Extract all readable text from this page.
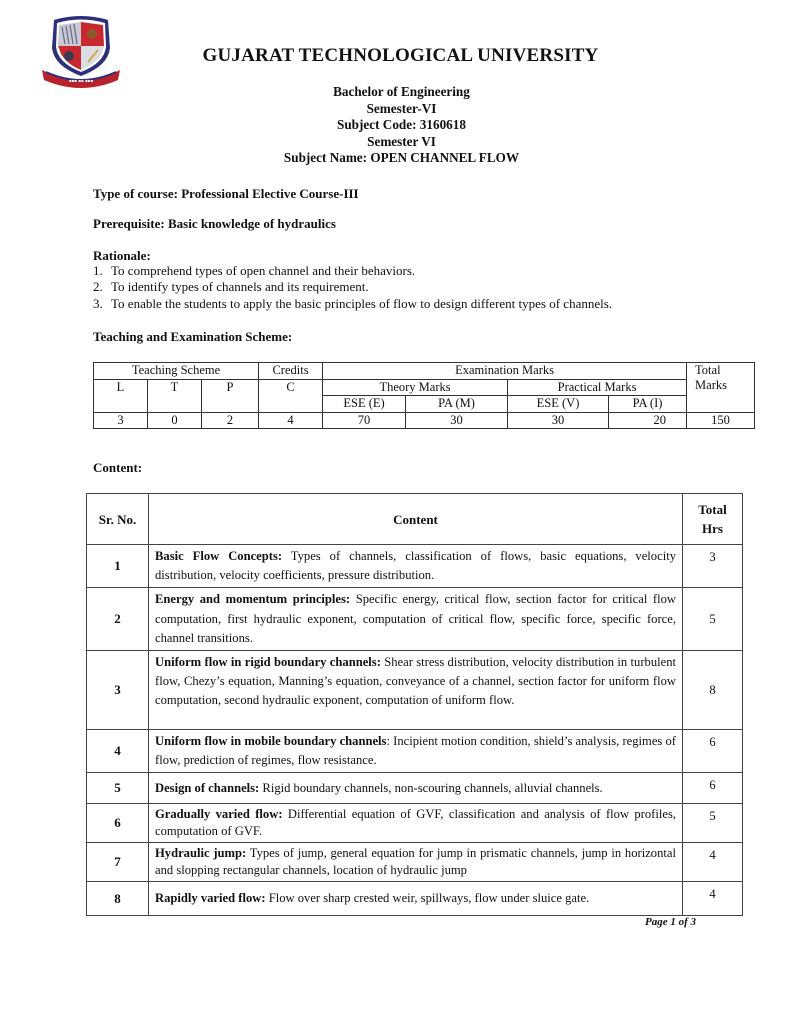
▪▪▪ ▪▪ ▪▪▪
GUJARAT TECHNOLOGICAL UNIVERSITY
Bachelor of Engineering
Semester-VI
Subject Code: 3160618
Semester VI
Subject Name: OPEN CHANNEL FLOW
Type of course: Professional Elective Course-III
Prerequisite: Basic knowledge of hydraulics
Rationale:
1. To comprehend types of open channel and their behaviors.
2. To identify types of channels and its requirement.
3. To enable the students to apply the basic principles of flow to design different types of channels.
Teaching and Examination Scheme:
Teaching Scheme			Credits	Examination Marks				Total Marks
L	T	P	C	Theory Marks		Practical Marks		
				ESE (E)	PA (M)	ESE (V)	PA (I)	
3	0	2	4	70	30	30	20	150
Content:
Sr. No.	Content	Total Hrs

1	Basic Flow Concepts: Types of channels, classification of flows, basic equations, velocity distribution, velocity coefficients, pressure distribution.	3
2	Energy and momentum principles: Specific energy, critical flow, section factor for critical flow computation, first hydraulic exponent, computation of critical flow, specific force, specific force, channel transitions.	5
3	Uniform flow in rigid boundary channels: Shear stress distribution, velocity distribution in turbulent flow, Chezy’s equation, Manning’s equation, conveyance of a channel, section factor for uniform flow computation, second hydraulic exponent, computation of uniform flow.	8
4	Uniform flow in mobile boundary channels: Incipient motion condition, shield’s analysis, regimes of flow, prediction of regimes, flow resistance.	6
5	Design of channels: Rigid boundary channels, non-scouring channels, alluvial channels.	6
6	Gradually varied flow: Differential equation of GVF, classification and analysis of flow profiles, computation of GVF.	5
7	Hydraulic jump: Types of jump, general equation for jump in prismatic channels, jump in horizontal and slopping rectangular channels, location of hydraulic jump	4
8	Rapidly varied flow: Flow over sharp crested weir, spillways, flow under sluice gate.	4
Page 1 of 3
